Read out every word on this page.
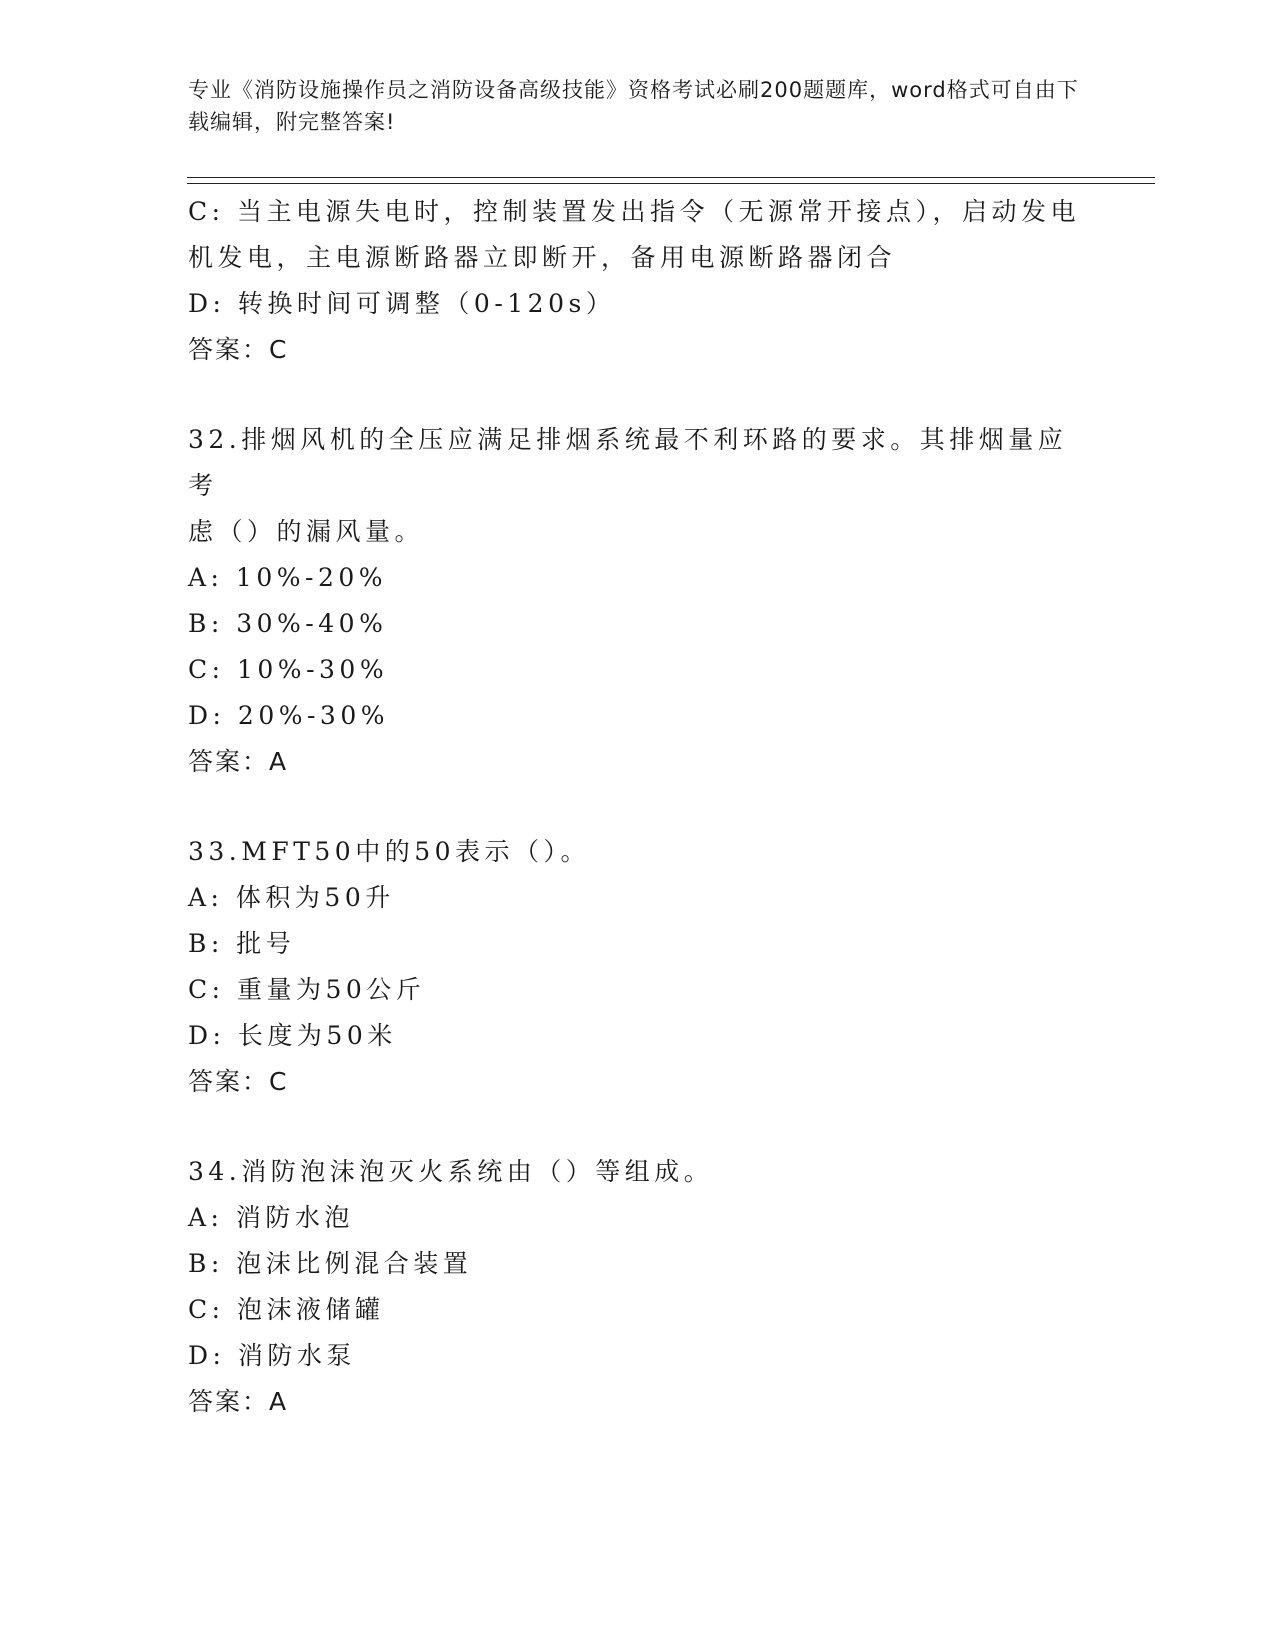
专业《消防设施操作员之消防设备高级技能》资格考试必刷200题题库，word格式可自由下载编辑，附完整答案!
C: 当主电源失电时，控制装置发出指令（无源常开接点），启动发电
机发电，主电源断路器立即断开，备用电源断路器闭合
D: 转换时间可调整（0-120s）
答案：C
32.排烟风机的全压应满足排烟系统最不利环路的要求。其排烟量应考
虑（）的漏风量。
A: 10%-20%
B: 30%-40%
C: 10%-30%
D: 20%-30%
答案：A
33.MFT50中的50表示（）。
A: 体积为50升
B: 批号
C: 重量为50公斤
D: 长度为50米
答案：C
34.消防泡沫泡灭火系统由（）等组成。
A: 消防水泡
B: 泡沫比例混合装置
C: 泡沫液储罐
D: 消防水泵
答案：A
